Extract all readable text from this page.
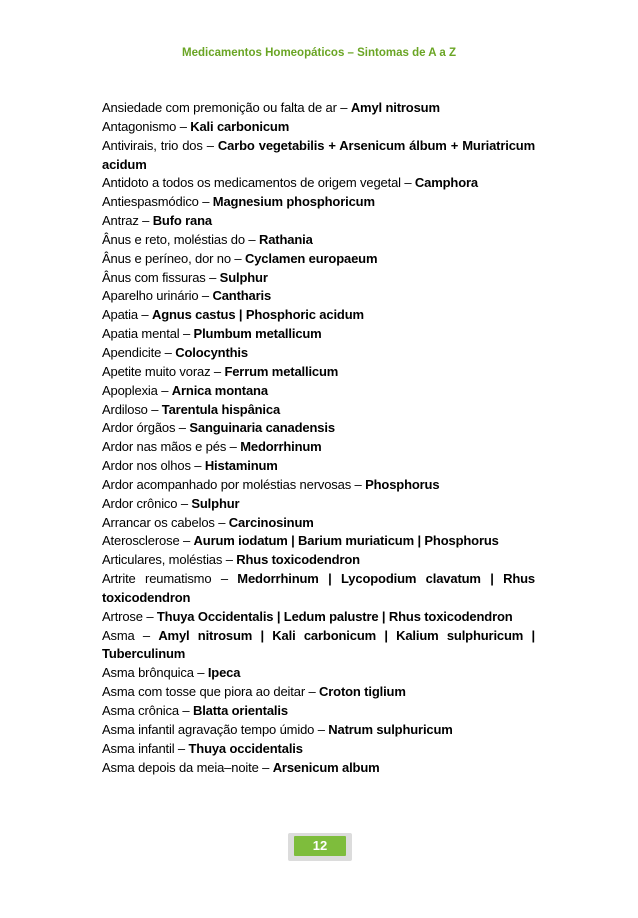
Medicamentos Homeopáticos – Sintomas de A a Z
Ansiedade com premonição ou falta de ar – Amyl nitrosum
Antagonismo – Kali carbonicum
Antivirais, trio dos – Carbo vegetabilis + Arsenicum álbum + Muriatricum acidum
Antidoto a todos os medicamentos de origem vegetal – Camphora
Antiespasmódico – Magnesium phosphoricum
Antraz – Bufo rana
Ânus e reto, moléstias do – Rathania
Ânus e períneo, dor no – Cyclamen europaeum
Ânus com fissuras – Sulphur
Aparelho urinário – Cantharis
Apatia – Agnus castus | Phosphoric acidum
Apatia mental – Plumbum metallicum
Apendicite – Colocynthis
Apetite muito voraz – Ferrum metallicum
Apoplexia – Arnica montana
Ardiloso – Tarentula hispânica
Ardor órgãos – Sanguinaria canadensis
Ardor nas mãos e pés – Medorrhinum
Ardor nos olhos – Histaminum
Ardor acompanhado por moléstias nervosas – Phosphorus
Ardor crônico – Sulphur
Arrancar os cabelos – Carcinosinum
Aterosclerose – Aurum iodatum | Barium muriaticum | Phosphorus
Articulares, moléstias – Rhus toxicodendron
Artrite reumatismo – Medorrhinum | Lycopodium clavatum | Rhus toxicodendron
Artrose – Thuya Occidentalis | Ledum palustre | Rhus toxicodendron
Asma – Amyl nitrosum | Kali carbonicum | Kalium sulphuricum | Tuberculinum
Asma brônquica – Ipeca
Asma com tosse que piora ao deitar – Croton tiglium
Asma crônica – Blatta orientalis
Asma infantil agravação tempo úmido – Natrum sulphuricum
Asma infantil – Thuya occidentalis
Asma depois da meia–noite – Arsenicum album
12
